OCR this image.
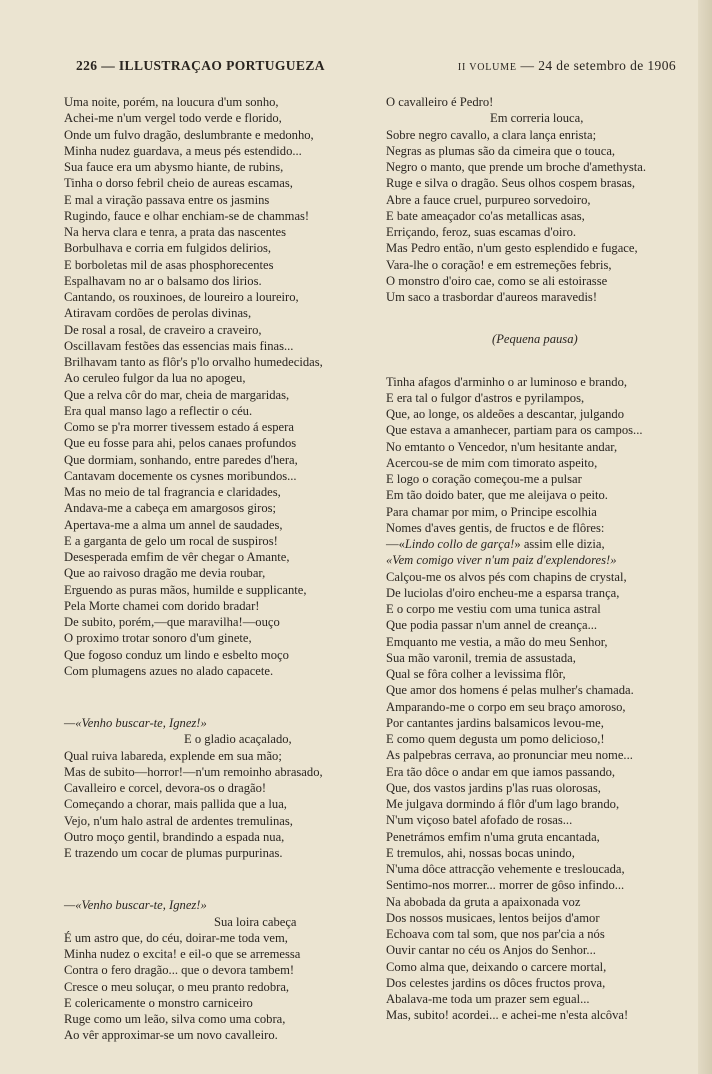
226 — ILLUSTRAÇAO PORTUGUEZA	II VOLUME — 24 de setembro de 1906
Uma noite, porém, na loucura d'um sonho,
Achei-me n'um vergel todo verde e florido,
Onde um fulvo dragão, deslumbrante e medonho,
Minha nudez guardava, a meus pés estendido...
Sua fauce era um abysmo hiante, de rubins,
Tinha o dorso febril cheio de aureas escamas,
E mal a viração passava entre os jasmins
Rugindo, fauce e olhar enchiam-se de chammas!
Na herva clara e tenra, a prata das nascentes
Borbulhava e corria em fulgidos delirios,
E borboletas mil de asas phosphorecentes
Espalhavam no ar o balsamo dos lirios.
Cantando, os rouxinoes, de loureiro a loureiro,
Atiravam cordões de perolas divinas,
De rosal a rosal, de craveiro a craveiro,
Oscillavam festões das essencias mais finas...
Brilhavam tanto as flôr's p'lo orvalho humedecidas,
Ao ceruleo fulgor da lua no apogeu,
Que a relva côr do mar, cheia de margaridas,
Era qual manso lago a reflectir o céu.
Como se p'ra morrer tivessem estado á espera
Que eu fosse para ahi, pelos canaes profundos
Que dormiam, sonhando, entre paredes d'hera,
Cantavam docemente os cysnes moribundos...
Mas no meio de tal fragrancia e claridades,
Andava-me a cabeça em amargosos giros;
Apertava-me a alma um annel de saudades,
E a garganta de gelo um rocal de suspiros!
Desesperada emfim de vêr chegar o Amante,
Que ao raivoso dragão me devia roubar,
Erguendo as puras mãos, humilde e supplicante,
Pela Morte chamei com dorido bradar!
De subito, porém,—que maravilha!—ouço
O proximo trotar sonoro d'um ginete,
Que fogoso conduz um lindo e esbelto moço
Com plumagens azues no alado capacete.
—«Venho buscar-te, Ignez!»
E o gladio acaçalado,
Qual ruiva labareda, explende em sua mão;
Mas de subito—horror!—n'um remoinho abrasado,
Cavalleiro e corcel, devora-os o dragão!
Começando a chorar, mais pallida que a lua,
Vejo, n'um halo astral de ardentes tremulinas,
Outro moço gentil, brandindo a espada nua,
E trazendo um cocar de plumas purpurinas.
—«Venho buscar-te, Ignez!»
Sua loira cabeça
É um astro que, do céu, doirar-me toda vem,
Minha nudez o excita! e eil-o que se arremessa
Contra o fero dragão... que o devora tambem!
Cresce o meu soluçar, o meu pranto redobra,
E colericamente o monstro carniceiro
Ruge como um leão, silva como uma cobra,
Ao vêr approximar-se um novo cavalleiro.
O cavalleiro é Pedro!
Em correria louca,
Sobre negro cavallo, a clara lança enrista;
Negras as plumas são da cimeira que o touca,
Negro o manto, que prende um broche d'amethysta.
Ruge e silva o dragão. Seus olhos cospem brasas,
Abre a fauce cruel, purpureo sorvedoiro,
E bate ameaçador co'as metallicas asas,
Erriçando, feroz, suas escamas d'oiro.
Mas Pedro então, n'um gesto esplendido e fugace,
Vara-lhe o coração! e em estremeções febris,
O monstro d'oiro cae, como se ali estoirasse
Um saco a trasbordar d'aureos maravedis!
(Pequena pausa)
Tinha afagos d'arminho o ar luminoso e brando,
E era tal o fulgor d'astros e pyrilampos,
Que, ao longe, os aldeões a descantar, julgando
Que estava a amanhecer, partiam para os campos...
No emtanto o Vencedor, n'um hesitante andar,
Acercou-se de mim com timorato aspeito,
E logo o coração começou-me a pulsar
Em tão doido bater, que me aleijava o peito.
Para chamar por mim, o Principe escolhia
Nomes d'aves gentis, de fructos e de flôres:
—«Lindo collo de garça!» assim elle dizia,
«Vem comigo viver n'um paiz d'explendores!»
Calçou-me os alvos pés com chapins de crystal,
De luciolas d'oiro encheu-me a esparsa trança,
E o corpo me vestiu com uma tunica astral
Que podia passar n'um annel de creança...
Emquanto me vestia, a mão do meu Senhor,
Sua mão varonil, tremia de assustada,
Qual se fôra colher a levissima flôr,
Que amor dos homens é pelas mulher's chamada.
Amparando-me o corpo em seu braço amoroso,
Por cantantes jardins balsamicos levou-me,
E como quem degusta um pomo delicioso,!
As palpebras cerrava, ao pronunciar meu nome...
Era tão dôce o andar em que iamos passando,
Que, dos vastos jardins p'las ruas olorosas,
Me julgava dormindo á flôr d'um lago brando,
N'um viçoso batel afofado de rosas...
Penetrámos emfim n'uma gruta encantada,
E tremulos, ahi, nossas bocas unindo,
N'uma dôce attracção vehemente e tresloucada,
Sentimo-nos morrer... morrer de gôso infindo...
Na abobada da gruta a apaixonada voz
Dos nossos musicaes, lentos beijos d'amor
Echoava com tal som, que nos par'cia a nós
Ouvir cantar no céu os Anjos do Senhor...
Como alma que, deixando o carcere mortal,
Dos celestes jardins os dôces fructos prova,
Abalava-me toda um prazer sem egual...
Mas, subito! acordei... e achei-me n'esta alcôva!
